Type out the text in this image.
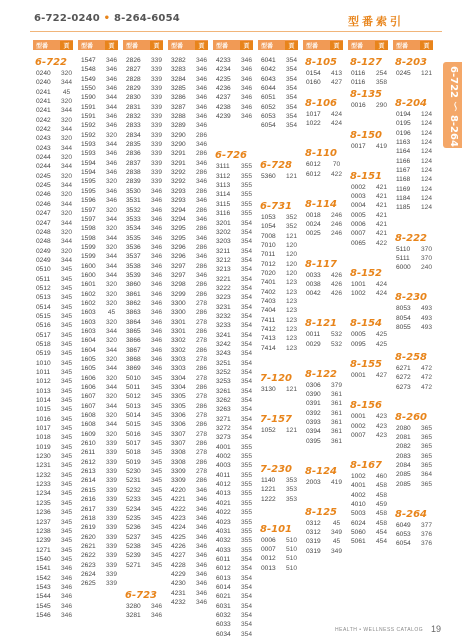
6-722-0240 • 8-264-6054	型番索引
6-722 ～ 8-264
型番	頁
6-722
0240	320
0240	344
0241	45
0241	320
0241	344
0242	320
0242	344
0243	320
0243	344
0244	320
0244	344
0245	320
0245	344
0246	320
0246	344
0247	320
0247	344
0248	320
0248	344
0249	320
0249	344
0510	345
0511	345
0512	345
0513	345
0514	345
0515	345
0516	345
0517	345
0518	345
0519	345
1010	345
1011	345
1012	345
1013	345
1014	345
1015	345
1016	345
1017	345
1018	345
1019	345
1230	345
1231	345
1232	345
1233	345
1234	345
1235	345
1236	345
1237	345
1238	345
1239	345
1271	345
1540	345
1541	346
1542	346
1543	346
1544	346
1545	346
1546	346
型番	頁
1547	346
1548	346
1549	346
1550	346
1590	344
1591	344
1591	346
1592	346
1592	320
1593	344
1593	346
1594	346
1594	346
1595	320
1595	346
1596	346
1597	320
1597	344
1598	320
1598	344
1599	320
1599	344
1600	344
1600	344
1601	320
1602	320
1602	320
1603	45
1603	320
1603	344
1604	320
1604	344
1605	320
1605	344
1606	320
1606	344
1607	320
1607	344
1608	320
1608	344
1609	320
2610	339
2611	339
2612	339
2613	339
2614	339
2615	339
2616	339
2617	339
2618	339
2619	339
2620	339
2621	339
2622	339
2623	339
2624	339
2625	339
型番	頁
2826	339
2827	339
2828	339
2829	339
2830	339
2831	339
2832	339
2833	339
2834	339
2835	339
2836	339
2837	339
2838	339
2839	339
3530	346
3531	346
3532	346
3533	346
3534	346
3535	346
3536	346
3537	346
3538	346
3539	346
3860	346
3861	346
3862	346
3863	346
3864	346
3865	346
3866	346
3867	346
3868	346
3869	346
5010	345
5011	345
5012	345
5013	345
5014	345
5015	345
5016	345
5017	345
5018	345
5019	345
5230	345
5231	345
5232	345
5233	345
5234	345
5235	345
5236	345
5237	345
5238	345
5239	345
5271	345
6-723
3280	346
3281	346
型番	頁
3282	346
3283	346
3284	346
3285	346
3286	346
3287	346
3288	346
3289	346
3290	286
3290	346
3291	286
3291	346
3292	286
3292	346
3293	286
3293	346
3294	286
3294	346
3295	286
3295	346
3296	286
3296	346
3297	286
3297	346
3298	286
3299	286
3300	278
3300	286
3301	278
3301	286
3302	278
3302	286
3303	278
3303	286
3304	278
3304	286
3305	278
3305	286
3306	278
3306	286
3307	278
3307	286
3308	278
3308	286
3309	278
3309	286
4220	346
4221	346
4222	346
4223	346
4224	346
4225	346
4226	346
4227	346
4228	346
4229	346
4230	346
4231	346
4232	346
型番	頁
4233	346
4234	346
4235	346
4236	346
4237	346
4238	346
4239	346
6-726
3111	355
3112	355
3113	355
3114	355
3115	355
3116	355
3201	354
3202	354
3203	354
3211	354
3212	354
3213	354
3221	354
3222	354
3223	354
3231	354
3232	354
3233	354
3241	354
3242	354
3243	354
3251	354
3252	354
3253	354
3261	354
3262	354
3263	354
3271	354
3272	354
3273	354
4001	355
4002	355
4003	355
4011	355
4012	355
4013	355
4021	355
4022	355
4023	355
4031	355
4032	355
4033	355
6011	354
6012	354
6013	354
6014	354
6021	354
6031	354
6032	354
6033	354
6034	354
型番	頁
6041	354
6042	354
6043	354
6044	354
6051	354
6052	354
6053	354
6054	354
6-728
5360	121
6-731
1053	352
1054	352
7008	121
7010	120
7011	120
7012	120
7020	120
7401	123
7402	123
7403	123
7404	123
7411	123
7412	123
7413	123
7414	123
7-120
3130	121
7-157
1052	121
7-230
1140	353
1221	353
1222	353
8-101
0006	510
0007	510
0012	510
0013	510
型番	頁
8-105
0154	413
0160	427
8-106
1017	424
1022	424
8-110
6012	70
6012	422
8-114
0018	246
0024	246
0025	246
8-117
0033	426
0038	426
0042	426
8-121
0011	532
0029	532
8-122
0306	379
0390	361
0391	361
0392	361
0393	361
0394	361
0395	361
8-124
2003	419
8-125
0312	45
0312	349
0319	45
0319	349
型番	頁
8-127
0116	254
0116	358
8-135
0016	290
8-150
0017	419
8-151
0002	421
0003	421
0004	421
0005	421
0006	421
0007	421
0065	422
8-152
1001	424
1002	424
8-154
0005	425
0095	425
8-155
0001	427
8-156
0001	423
0002	423
0007	423
8-167
1002	460
4001	458
4002	458
4010	459
5003	458
6024	458
5060	454
5061	454
型番	頁
8-203
0245	121
8-204
0194	124
0195	124
0196	124
1163	124
1164	124
1166	124
1167	124
1168	124
1169	124
1184	124
1185	124
8-222
5110	370
5111	370
6000	240
8-230
8053	493
8054	493
8055	493
8-258
6271	472
6272	472
6273	472
8-260
2080	365
2081	365
2082	365
2083	365
2084	365
2085	364
2085	365
8-264
6049	377
6053	376
6054	376
HEALTH • WELLNESS CATALOG 19
